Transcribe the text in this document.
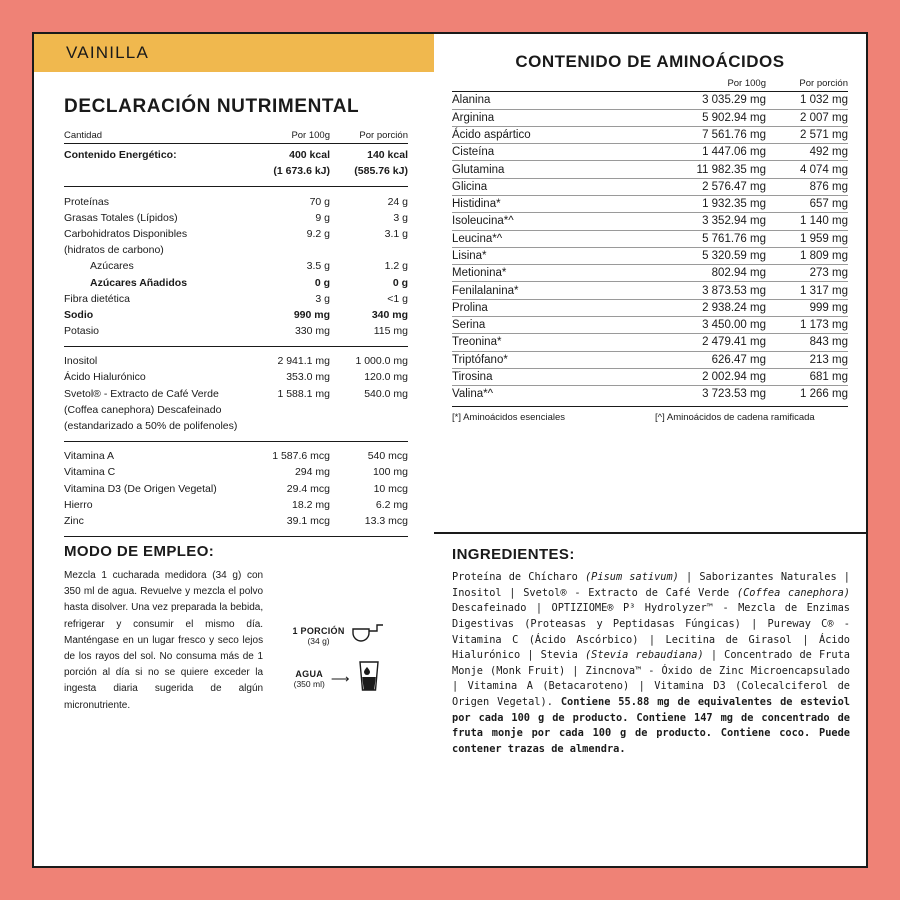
VAINILLA
DECLARACIÓN NUTRIMENTAL
Cantidad	Por 100g	Por porción
Contenido Energético:	400 kcal	140 kcal
	(1 673.6 kJ)	(585.76 kJ)
Proteínas	70 g	24 g
Grasas Totales (Lípidos)	9 g	3 g
Carbohidratos Disponibles	9.2 g	3.1 g
(hidratos de carbono)		
Azúcares	3.5 g	1.2 g
Azúcares Añadidos	0 g	0 g
Fibra dietética	3 g	<1 g
Sodio	990 mg	340 mg
Potasio	330 mg	115 mg
Inositol	2 941.1 mg	1 000.0 mg
Ácido Hialurónico	353.0 mg	120.0 mg
Svetol® - Extracto de Café Verde	1 588.1 mg	540.0 mg
(Coffea canephora) Descafeinado		
(estandarizado a 50% de polifenoles)		
Vitamina A	1 587.6 mcg	540 mcg
Vitamina C	294 mg	100 mg
Vitamina D3 (De Origen Vegetal)	29.4 mcg	10 mcg
Hierro	18.2 mg	6.2 mg
Zinc	39.1 mcg	13.3 mcg
MODO DE EMPLEO:
Mezcla 1 cucharada medidora (34 g) con 350 ml de agua. Revuelve y mezcla el polvo hasta disolver. Una vez preparada la bebida, refrigerar y consumir el mismo día. Manténgase en un lugar fresco y seco lejos de los rayos del sol. No consuma más de 1 porción al día si no se quiere exceder la ingesta diaria sugerida de algún micronutriente.
1 PORCIÓN
(34 g)
AGUA
(350 ml) ⟶
CONTENIDO DE AMINOÁCIDOS
	Por 100g	Por porción
Alanina	3 035.29 mg	1 032 mg
Arginina	5 902.94 mg	2 007 mg
Ácido aspártico	7 561.76 mg	2 571 mg
Cisteína	1 447.06 mg	492 mg
Glutamina	11 982.35 mg	4 074 mg
Glicina	2 576.47 mg	876 mg
Histidina*	1 932.35 mg	657 mg
Isoleucina*^	3 352.94 mg	1 140 mg
Leucina*^	5 761.76 mg	1 959 mg
Lisina*	5 320.59 mg	1 809 mg
Metionina*	802.94 mg	273 mg
Fenilalanina*	3 873.53 mg	1 317 mg
Prolina	2 938.24 mg	999 mg
Serina	3 450.00 mg	1 173 mg
Treonina*	2 479.41 mg	843 mg
Triptófano*	626.47 mg	213 mg
Tirosina	2 002.94 mg	681 mg
Valina*^	3 723.53 mg	1 266 mg
[*] Aminoácidos esenciales	[^] Aminoácidos de cadena ramificada
INGREDIENTES:
Proteína de Chícharo (Pisum sativum) | Saborizantes Naturales | Inositol | Svetol® - Extracto de Café Verde (Coffea canephora) Descafeinado | OPTIZIOME® P³ Hydrolyzer™ - Mezcla de Enzimas Digestivas (Proteasas y Peptidasas Fúngicas) | Pureway C® - Vitamina C (Ácido Ascórbico) | Lecitina de Girasol | Ácido Hialurónico | Stevia (Stevia rebaudiana) | Concentrado de Fruta Monje (Monk Fruit) | Zincnova™ - Óxido de Zinc Microencapsulado | Vitamina A (Betacaroteno) | Vitamina D3 (Colecalciferol de Origen Vegetal). Contiene 55.88 mg de equivalentes de esteviol por cada 100 g de producto. Contiene 147 mg de concentrado de fruta monje por cada 100 g de producto. Contiene coco. Puede contener trazas de almendra.
